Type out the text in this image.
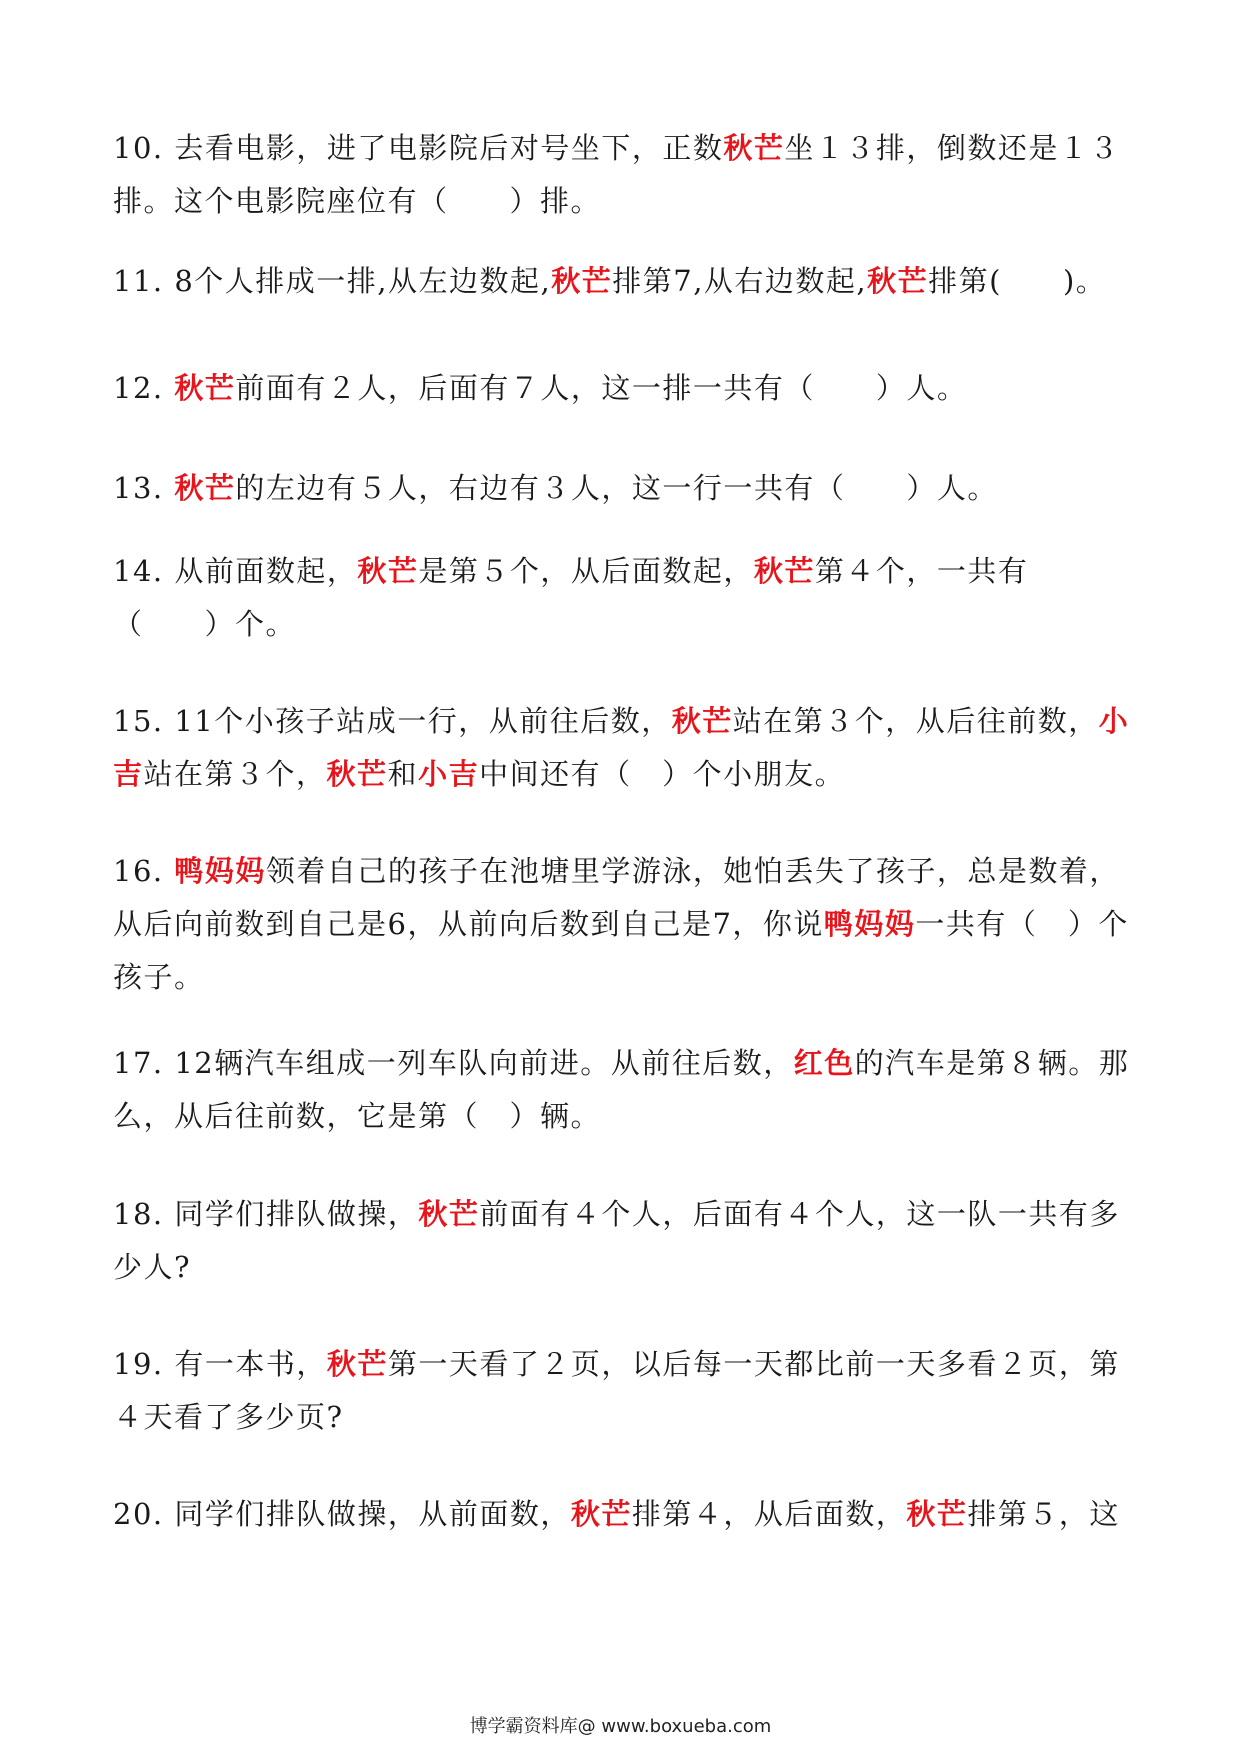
10. 去看电影，进了电影院后对号坐下，正数秋芒坐１３排，倒数还是１３排。这个电影院座位有（　　）排。

11. 8个人排成一排,从左边数起,秋芒排第7,从右边数起,秋芒排第(　　)。

12. 秋芒前面有２人，后面有７人，这一排一共有（　　）人。

13. 秋芒的左边有５人，右边有３人，这一行一共有（　　）人。

14. 从前面数起，秋芒是第５个，从后面数起，秋芒第４个，一共有（　　）个。

15. 11个小孩子站成一行，从前往后数，秋芒站在第３个，从后往前数，小吉站在第３个，秋芒和小吉中间还有（　）个小朋友。

16. 鸭妈妈领着自己的孩子在池塘里学游泳，她怕丢失了孩子，总是数着，从后向前数到自己是6，从前向后数到自己是7，你说鸭妈妈一共有（　）个孩子。

17. 12辆汽车组成一列车队向前进。从前往后数，红色的汽车是第８辆。那么，从后往前数，它是第（　）辆。

18. 同学们排队做操，秋芒前面有４个人，后面有４个人，这一队一共有多少人?

19. 有一本书，秋芒第一天看了２页，以后每一天都比前一天多看２页，第４天看了多少页?

20. 同学们排队做操，从前面数，秋芒排第４，从后面数，秋芒排第５，这

博学霸资料库@ www.boxueba.com
